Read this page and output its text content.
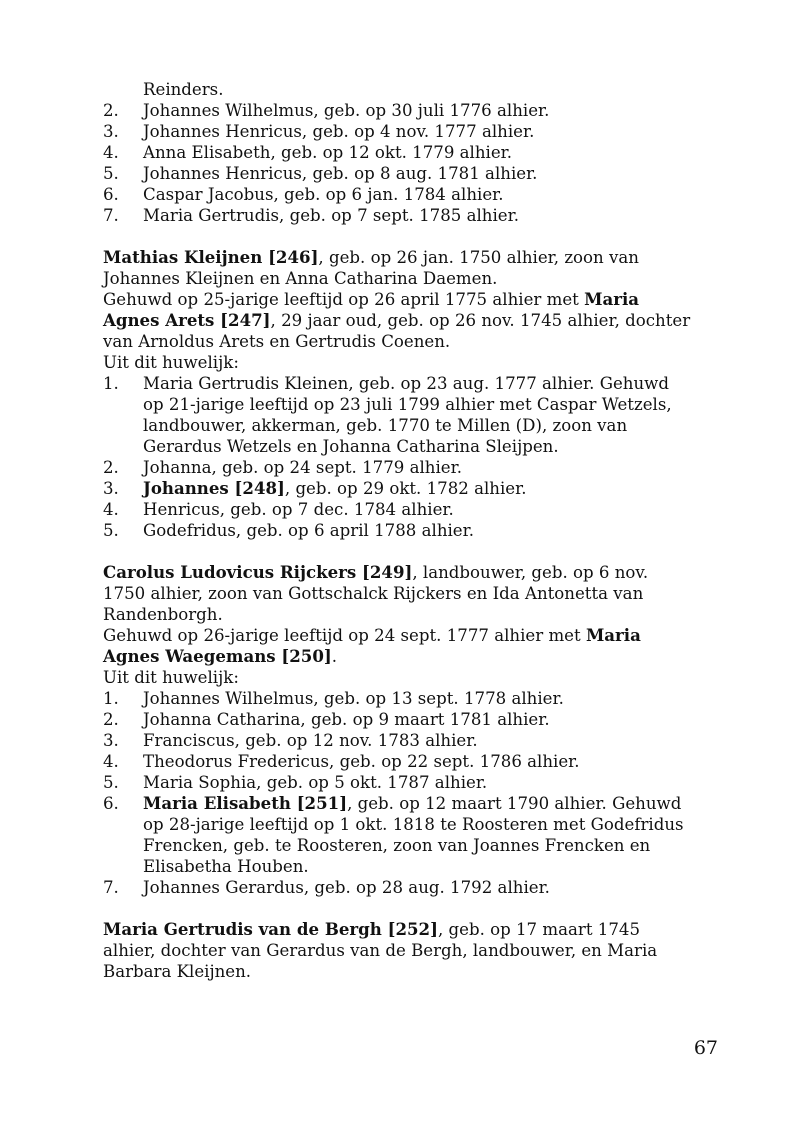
Reinders.

2. Johannes Wilhelmus, geb. op 30 juli 1776 alhier.
3. Johannes Henricus, geb. op 4 nov. 1777 alhier.
4. Anna Elisabeth, geb. op 12 okt. 1779 alhier.
5. Johannes Henricus, geb. op 8 aug. 1781 alhier.
6. Caspar Jacobus, geb. op 6 jan. 1784 alhier.
7. Maria Gertrudis, geb. op 7 sept. 1785 alhier.

Mathias Kleijnen [246], geb. op 26 jan. 1750 alhier, zoon van Johannes Kleijnen en Anna Catharina Daemen.

Gehuwd op 25-jarige leeftijd op 26 april 1775 alhier met Maria Agnes Arets [247], 29 jaar oud, geb. op 26 nov. 1745 alhier, dochter van Arnoldus Arets en Gertrudis Coenen.

Uit dit huwelijk:

1. Maria Gertrudis Kleinen, geb. op 23 aug. 1777 alhier. Gehuwd op 21-jarige leeftijd op 23 juli 1799 alhier met Caspar Wetzels, landbouwer, akkerman, geb. 1770 te Millen (D), zoon van Gerardus Wetzels en Johanna Catharina Sleijpen.
2. Johanna, geb. op 24 sept. 1779 alhier.
3. Johannes [248], geb. op 29 okt. 1782 alhier.
4. Henricus, geb. op 7 dec. 1784 alhier.
5. Godefridus, geb. op 6 april 1788 alhier.

Carolus Ludovicus Rijckers [249], landbouwer, geb. op 6 nov. 1750 alhier, zoon van Gottschalck Rijckers en Ida Antonetta van Randenborgh.

Gehuwd op 26-jarige leeftijd op 24 sept. 1777 alhier met Maria Agnes Waegemans [250].

Uit dit huwelijk:

1. Johannes Wilhelmus, geb. op 13 sept. 1778 alhier.
2. Johanna Catharina, geb. op 9 maart 1781 alhier.
3. Franciscus, geb. op 12 nov. 1783 alhier.
4. Theodorus Fredericus, geb. op 22 sept. 1786 alhier.
5. Maria Sophia, geb. op 5 okt. 1787 alhier.
6. Maria Elisabeth [251], geb. op 12 maart 1790 alhier. Gehuwd op 28-jarige leeftijd op 1 okt. 1818 te Roosteren met Godefridus Frencken, geb. te Roosteren, zoon van Joannes Frencken en Elisabetha Houben.
7. Johannes Gerardus, geb. op 28 aug. 1792 alhier.

Maria Gertrudis van de Bergh [252], geb. op 17 maart 1745 alhier, dochter van Gerardus van de Bergh, landbouwer, en Maria Barbara Kleijnen.

67
